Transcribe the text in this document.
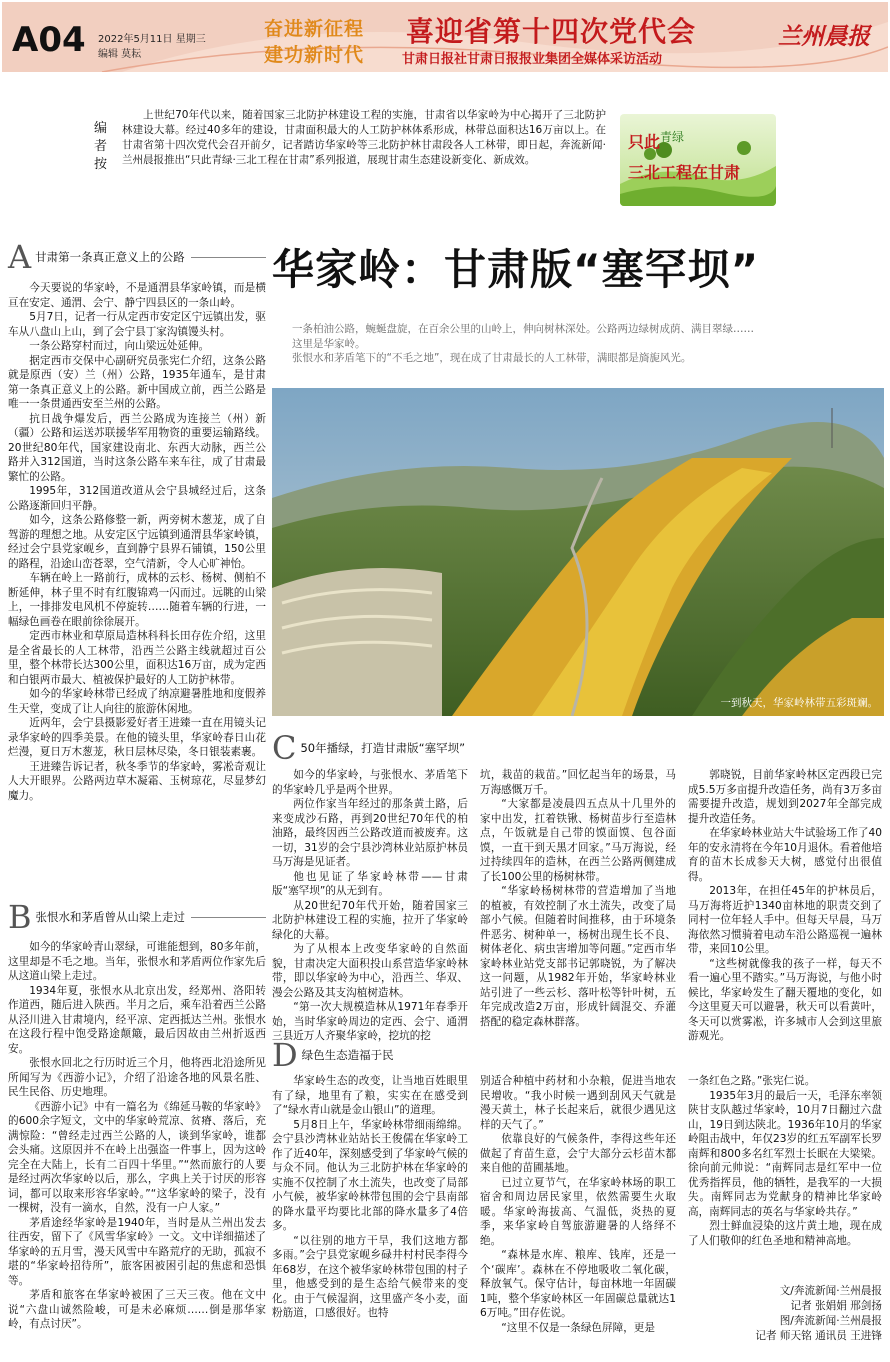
A04 2022年5月11日 星期三
编辑 莫耘
奋进新征程
建功新时代
喜迎省第十四次党代会
甘肃日报社甘肃日报报业集团全媒体采访活动
兰州晨报
编者按
上世纪70年代以来，随着国家三北防护林建设工程的实施，甘肃省以华家岭为中心揭开了三北防护林建设大幕。经过40多年的建设，甘肃面积最大的人工防护林体系形成，林带总面积达16万亩以上。在甘肃省第十四次党代会召开前夕，记者踏访华家岭等三北防护林甘肃段各人工林带，即日起，奔流新闻·兰州晨报推出“只此青绿·三北工程在甘肃”系列报道，展现甘肃生态建设新变化、新成效。
只此$^{青绿}$
三北工程在甘肃
A 甘肃第一条真正意义上的公路

今天要说的华家岭，不是通渭县华家岭镇，而是横亘在安定、通渭、会宁、静宁四县区的一条山岭。

5月7日，记者一行从定西市安定区宁远镇出发，驱车从八盘山上山，到了会宁县丁家沟镇馒头村。

一条公路穿村而过，向山梁远处延伸。

据定西市交保中心副研究员张宪仁介绍，这条公路就是原西（安）兰（州）公路，1935年通车，是甘肃第一条真正意义上的公路。新中国成立前，西兰公路是唯一一条贯通西安至兰州的公路。

抗日战争爆发后，西兰公路成为连接兰（州）新（疆）公路和运送苏联援华军用物资的重要运输路线。20世纪80年代，国家建设南北、东西大动脉，西兰公路并入312国道，当时这条公路车来车往，成了甘肃最繁忙的公路。

1995年，312国道改道从会宁县城经过后，这条公路逐渐回归平静。

如今，这条公路修整一新，两旁树木葱茏，成了自驾游的理想之地。从安定区宁远镇到通渭县华家岭镇，经过会宁县党家岘乡，直到静宁县界石铺镇，150公里的路程，沿途山峦苍翠，空气清新，令人心旷神怡。

车辆在岭上一路前行，成林的云杉、杨树、侧柏不断延伸，林子里不时有红腹锦鸡一闪而过。远眺的山梁上，一排排发电风机不停旋转……随着车辆的行进，一幅绿色画卷在眼前徐徐展开。

定西市林业和草原局造林科科长田存佐介绍，这里是全省最长的人工林带，沿西兰公路主线就超过百公里，整个林带长达300公里，面积达16万亩，成为定西和白银两市最大、植被保护最好的人工防护林带。

如今的华家岭林带已经成了纳凉避暑胜地和度假养生天堂，变成了让人向往的旅游休闲地。

近两年，会宁县摄影爱好者王进臻一直在用镜头记录华家岭的四季美景。在他的镜头里，华家岭春日山花烂漫，夏日万木葱茏，秋日层林尽染，冬日银装素裹。

王进臻告诉记者，秋冬季节的华家岭，雾凇奇观让人大开眼界。公路两边草木凝霜、玉树琼花，尽显梦幻魔力。

B 张恨水和茅盾曾从山梁上走过

如今的华家岭青山翠绿，可谁能想到，80多年前，这里却是不毛之地。当年，张恨水和茅盾两位作家先后从这道山梁上走过。

1934年夏，张恨水从北京出发，经郑州、洛阳转作道西，随后进入陕西。半月之后，乘车沿着西兰公路从泾川进入甘肃境内，经平凉、定西抵达兰州。张恨水在这段行程中饱受路途颠簸，最后因故由兰州折返西安。

张恨水回北之行历时近三个月，他将西北沿途所见所闻写为《西游小记》，介绍了沿途各地的风景名胜、民生民俗、历史地理。

《西游小记》中有一篇名为《绵延马鞍的华家岭》的600余字短文，文中的华家岭荒凉、贫瘠、落后，充满惊险：“曾经走过西兰公路的人，谈到华家岭，谁都会头痛。这原因并不在岭上出强盗一件事上，因为这岭完全在大陆上，长有二百四十华里。”“然而旅行的人要是经过两次华家岭以后，那么，字典上关于讨厌的形容词，都可以取来形容华家岭。”“这华家岭的梁子，没有一棵树，没有一滴水，自然，没有一户人家。”

茅盾途经华家岭是1940年，当时是从兰州出发去往西安，留下了《风雪华家岭》一文。文中详细描述了华家岭的五月雪，漫天风雪中车路荒疗的无助，孤寂不堪的“华家岭招待所”，旅客困被困引起的焦虑和恐惧等。

茅盾和旅客在华家岭被困了三天三夜。他在文中说“六盘山诚然险峻，可是未必麻烦……倒是那华家岭，有点讨厌”。

华家岭：甘肃版“塞罕坝”
一条柏油公路，蜿蜒盘旋，在百余公里的山岭上，伸向树林深处。公路两边绿树成荫、满目翠绿……
这里是华家岭。
张恨水和茅盾笔下的“不毛之地”，现在成了甘肃最长的人工林带，满眼都是旖旎风光。
一到秋天，华家岭林带五彩斑斓。
C 50年播绿，打造甘肃版“塞罕坝”

如今的华家岭，与张恨水、茅盾笔下的华家岭几乎是两个世界。

两位作家当年经过的那条黄土路，后来变成沙石路，再到20世纪70年代的柏油路，最终因西兰公路改道而被废弃。这一切，31岁的会宁县沙湾林业站原护林员马万海是见证者。

他也见证了华家岭林带——甘肃版“塞罕坝”的从无到有。

从20世纪70年代开始，随着国家三北防护林建设工程的实施，拉开了华家岭绿化的大幕。

为了从根本上改变华家岭的自然面貌，甘肃决定大面积投山系营造华家岭林带，即以华家岭为中心，沿西兰、华双、漫会公路及其支沟植树造林。

“第一次大规模造林从1971年春季开始，当时华家岭周边的定西、会宁、通渭三县近万人齐聚华家岭，挖坑的挖

D 绿色生态造福于民

华家岭生态的改变，让当地百姓眼里有了绿，地里有了粮，实实在在感受到了“绿水青山就是金山银山”的道理。

5月8日上午，华家岭林带细雨绵绵。会宁县沙湾林业站站长王俊儒在华家岭工作了近40年，深刻感受到了华家岭气候的与众不同。他认为三北防护林在华家岭的实施不仅控制了水土流失，也改变了局部小气候，被华家岭林带包围的会宁县南部的降水量平均要比北部的降水量多了4倍多。

“以往别的地方干旱，我们这地方都多雨。”会宁县党家岘乡碌井村村民李得今年68岁，在这个被华家岭林带包围的村子里，他感受到的是生态给气候带来的变化。由于气候湿润，这里盛产冬小麦，面粉筋道，口感很好。也特

坑，栽苗的栽苗。”回忆起当年的场景，马万海感慨万千。

“大家都是凌晨四五点从十几里外的家中出发，扛着铁锹、杨树苗步行至造林点，午饭就是自己带的馍面馍、包谷面馍，一直干到天黑才回家。”马万海说，经过持续四年的造林，在西兰公路两侧建成了长100公里的杨树林带。

“华家岭杨树林带的营造增加了当地的植被，有效控制了水土流失，改变了局部小气候。但随着时间推移，由于环境条件恶劣、树种单一，杨树出现生长不良、树体老化、病虫害增加等问题。”定西市华家岭林业站党支部书记郭晓锐，为了解决这一问题，从1982年开始，华家岭林业站引进了一些云杉、落叶松等针叶树，五年完成改造2万亩，形成针阔混交、乔灌搭配的稳定森林群落。

别适合种植中药材和小杂粮，促进当地农民增收。“我小时候一遇到刮风天气就是漫天黄土，林子长起来后，就很少遇见这样的天气了。”

依靠良好的气候条件，李得这些年还做起了育苗生意，会宁大部分云杉苗木都来自他的苗圃基地。

已过立夏节气，在华家岭林场的职工宿舍和周边居民家里，依然需要生火取暖。华家岭海拔高、气温低，炎热的夏季，来华家岭自驾旅游避暑的人络绎不绝。

“森林是水库、粮库、钱库，还是一个‘碳库’。森林在不停地吸收二氧化碳，释放氧气。保守估计，每亩林地一年固碳1吨，整个华家岭林区一年固碳总量就达16万吨。”田存佐说。

“这里不仅是一条绿色屏障，更是

郭晓锐，目前华家岭林区定西段已完成5.5万多亩提升改造任务，尚有3万多亩需要提升改造，规划到2027年全部完成提升改造任务。

在华家岭林业站大牛试验场工作了40年的安永清将在今年10月退休。看着他培育的苗木长成参天大树，感觉付出很值得。

2013年，在担任45年的护林员后，马万海将近护1340亩林地的职责交到了同村一位年轻人手中。但每天早晨，马万海依然习惯骑着电动车沿公路巡视一遍林带，来回10公里。

“这些树就像我的孩子一样，每天不看一遍心里不踏实。”马万海说，与他小时候比，华家岭发生了翻天覆地的变化，如今这里夏天可以避暑，秋天可以看黄叶，冬天可以赏雾凇，许多城市人会到这里旅游观光。

一条红色之路。”张宪仁说。

1935年3月的最后一天，毛泽东率领陕甘支队越过华家岭，10月7日翻过六盘山，19日到达陕北。1936年10月的华家岭阻击战中，年仅23岁的红五军副军长罗南辉和800多名红军烈士长眠在大梁梁。徐向前元帅说：“南辉同志是红军中一位优秀指挥员，他的牺牲，是我军的一大损失。南辉同志为党献身的精神比华家岭高，南辉同志的英名与华家岭共存。”

烈士鲜血浸染的这片黄土地，现在成了人们敬仰的红色圣地和精神高地。

文/奔流新闻·兰州晨报
记者 张娟娟 邢剑扬
图/奔流新闻·兰州晨报
记者 师天铭 通讯员 王进锋
